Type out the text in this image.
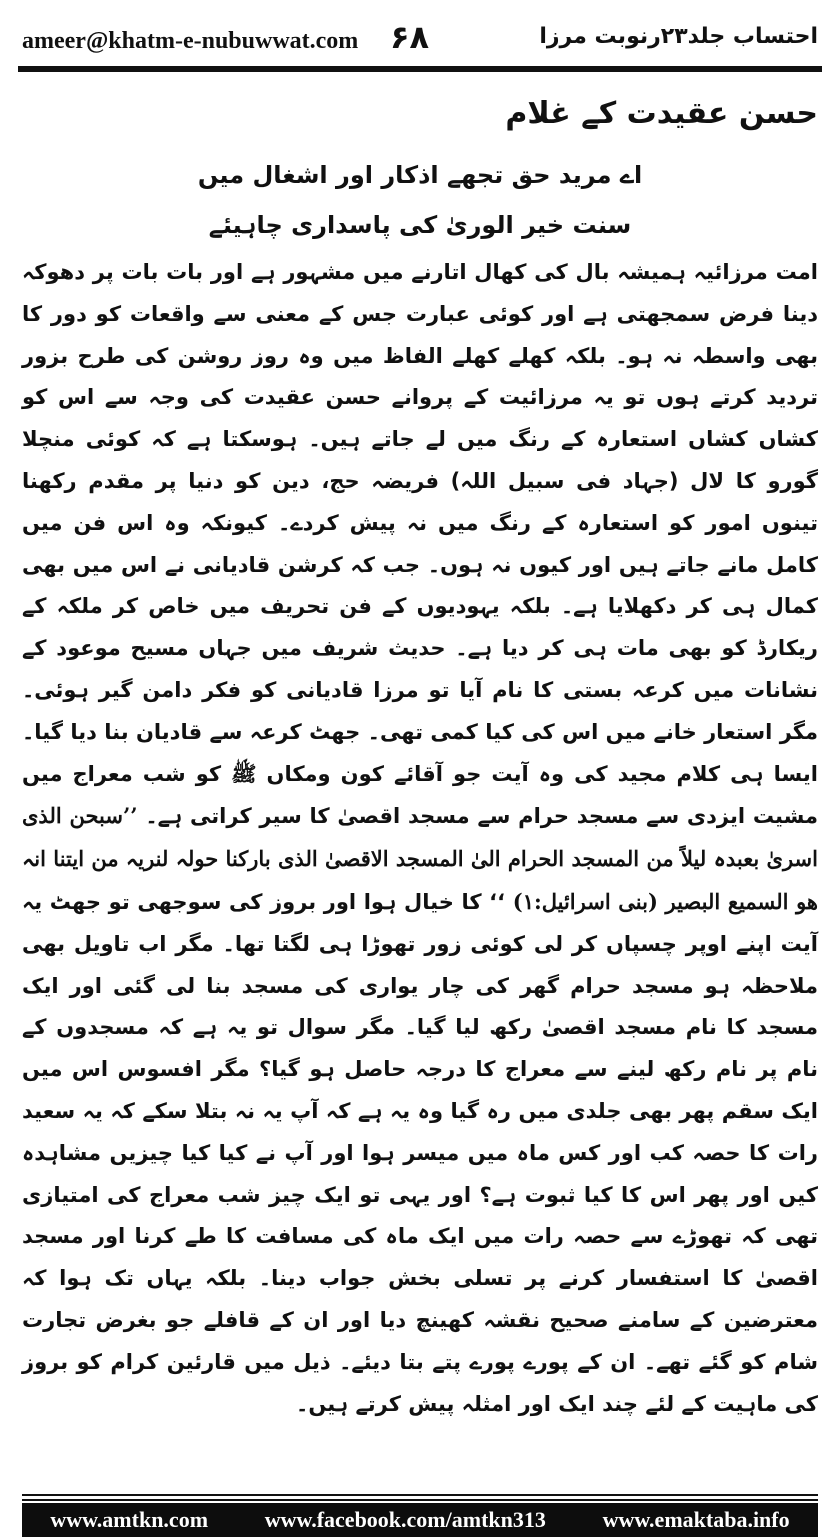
ameer@khatm-e-nubuwwat.com ۶۸	احتساب جلد۲۳رنوبت مرزا
حسن عقیدت کے غلام
اے مرید حق تجھے اذکار اور اشغال میں
سنت خیر الوریٰ کی پاسداری چاہیئے
امت مرزائیہ ہمیشہ بال کی کھال اتارنے میں مشہور ہے اور بات بات پر دھوکہ دینا فرض سمجھتی ہے اور کوئی عبارت جس کے معنی سے واقعات کو دور کا بھی واسطہ نہ ہو۔ بلکہ کھلے کھلے الفاظ میں وہ روز روشن کی طرح بزور تردید کرتے ہوں تو یہ مرزائیت کے پروانے حسن عقیدت کی وجہ سے اس کو کشاں کشاں استعارہ کے رنگ میں لے جاتے ہیں۔ ہوسکتا ہے کہ کوئی منچلا گورو کا لال (جہاد فی سبیل اللہ) فریضہ حج، دین کو دنیا پر مقدم رکھنا تینوں امور کو استعارہ کے رنگ میں نہ پیش کردے۔ کیونکہ وہ اس فن میں کامل مانے جاتے ہیں اور کیوں نہ ہوں۔ جب کہ کرشن قادیانی نے اس میں بھی کمال ہی کر دکھلایا ہے۔ بلکہ یہودیوں کے فن تحریف میں خاص کر ملکہ کے ریکارڈ کو بھی مات ہی کر دیا ہے۔ حدیث شریف میں جہاں مسیح موعود کے نشانات میں کرعہ بستی کا نام آیا تو مرزا قادیانی کو فکر دامن گیر ہوئی۔ مگر استعار خانے میں اس کی کیا کمی تھی۔ جھٹ کرعہ سے قادیان بنا دیا گیا۔ ایسا ہی کلام مجید کی وہ آیت جو آقائے کون ومکاں ﷺ کو شب معراج میں مشیت ایزدی سے مسجد حرام سے مسجد اقصیٰ کا سیر کراتی ہے۔ ’’سبحن الذی اسریٰ بعبدہ لیلاً من المسجد الحرام الیٰ المسجد الاقصیٰ الذی بارکنا حولہ لنریہ من ایتنا انہ ھو السمیع البصیر (بنی اسرائیل:۱) ‘‘ کا خیال ہوا اور بروز کی سوجھی تو جھٹ یہ آیت اپنے اوپر چسپاں کر لی کوئی زور تھوڑا ہی لگتا تھا۔ مگر اب تاویل بھی ملاحظہ ہو مسجد حرام گھر کی چار یواری کی مسجد بنا لی گئی اور ایک مسجد کا نام مسجد اقصیٰ رکھ لیا گیا۔ مگر سوال تو یہ ہے کہ مسجدوں کے نام پر نام رکھ لینے سے معراج کا درجہ حاصل ہو گیا؟ مگر افسوس اس میں ایک سقم پھر بھی جلدی میں رہ گیا وہ یہ ہے کہ آپ یہ نہ بتلا سکے کہ یہ سعید رات کا حصہ کب اور کس ماہ میں میسر ہوا اور آپ نے کیا کیا چیزیں مشاہدہ کیں اور پھر اس کا کیا ثبوت ہے؟ اور یہی تو ایک چیز شب معراج کی امتیازی تھی کہ تھوڑے سے حصہ رات میں ایک ماہ کی مسافت کا طے کرنا اور مسجد اقصیٰ کا استفسار کرنے پر تسلی بخش جواب دینا۔ بلکہ یہاں تک ہوا کہ معترضین کے سامنے صحیح نقشہ کھینچ دیا اور ان کے قافلے جو بغرض تجارت شام کو گئے تھے۔ ان کے پورے پورے پتے بتا دیئے۔ ذیل میں قارئین کرام کو بروز کی ماہیت کے لئے چند ایک اور امثلہ پیش کرتے ہیں۔
www.amtkn.com	www.facebook.com/amtkn313	www.emaktaba.info
